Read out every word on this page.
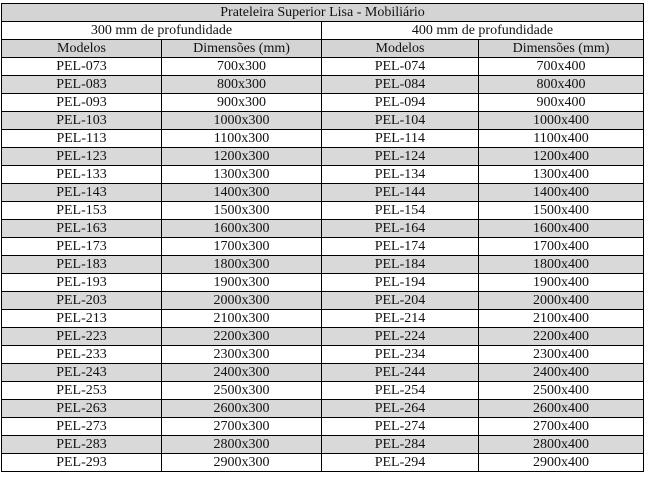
Prateleira Superior Lisa - Mobiliário			
300 mm de profundidade		400 mm de profundidade	
Modelos	Dimensões (mm)	Modelos	Dimensões (mm)
PEL-073	700x300	PEL-074	700x400
PEL-083	800x300	PEL-084	800x400
PEL-093	900x300	PEL-094	900x400
PEL-103	1000x300	PEL-104	1000x400
PEL-113	1100x300	PEL-114	1100x400
PEL-123	1200x300	PEL-124	1200x400
PEL-133	1300x300	PEL-134	1300x400
PEL-143	1400x300	PEL-144	1400x400
PEL-153	1500x300	PEL-154	1500x400
PEL-163	1600x300	PEL-164	1600x400
PEL-173	1700x300	PEL-174	1700x400
PEL-183	1800x300	PEL-184	1800x400
PEL-193	1900x300	PEL-194	1900x400
PEL-203	2000x300	PEL-204	2000x400
PEL-213	2100x300	PEL-214	2100x400
PEL-223	2200x300	PEL-224	2200x400
PEL-233	2300x300	PEL-234	2300x400
PEL-243	2400x300	PEL-244	2400x400
PEL-253	2500x300	PEL-254	2500x400
PEL-263	2600x300	PEL-264	2600x400
PEL-273	2700x300	PEL-274	2700x400
PEL-283	2800x300	PEL-284	2800x400
PEL-293	2900x300	PEL-294	2900x400
